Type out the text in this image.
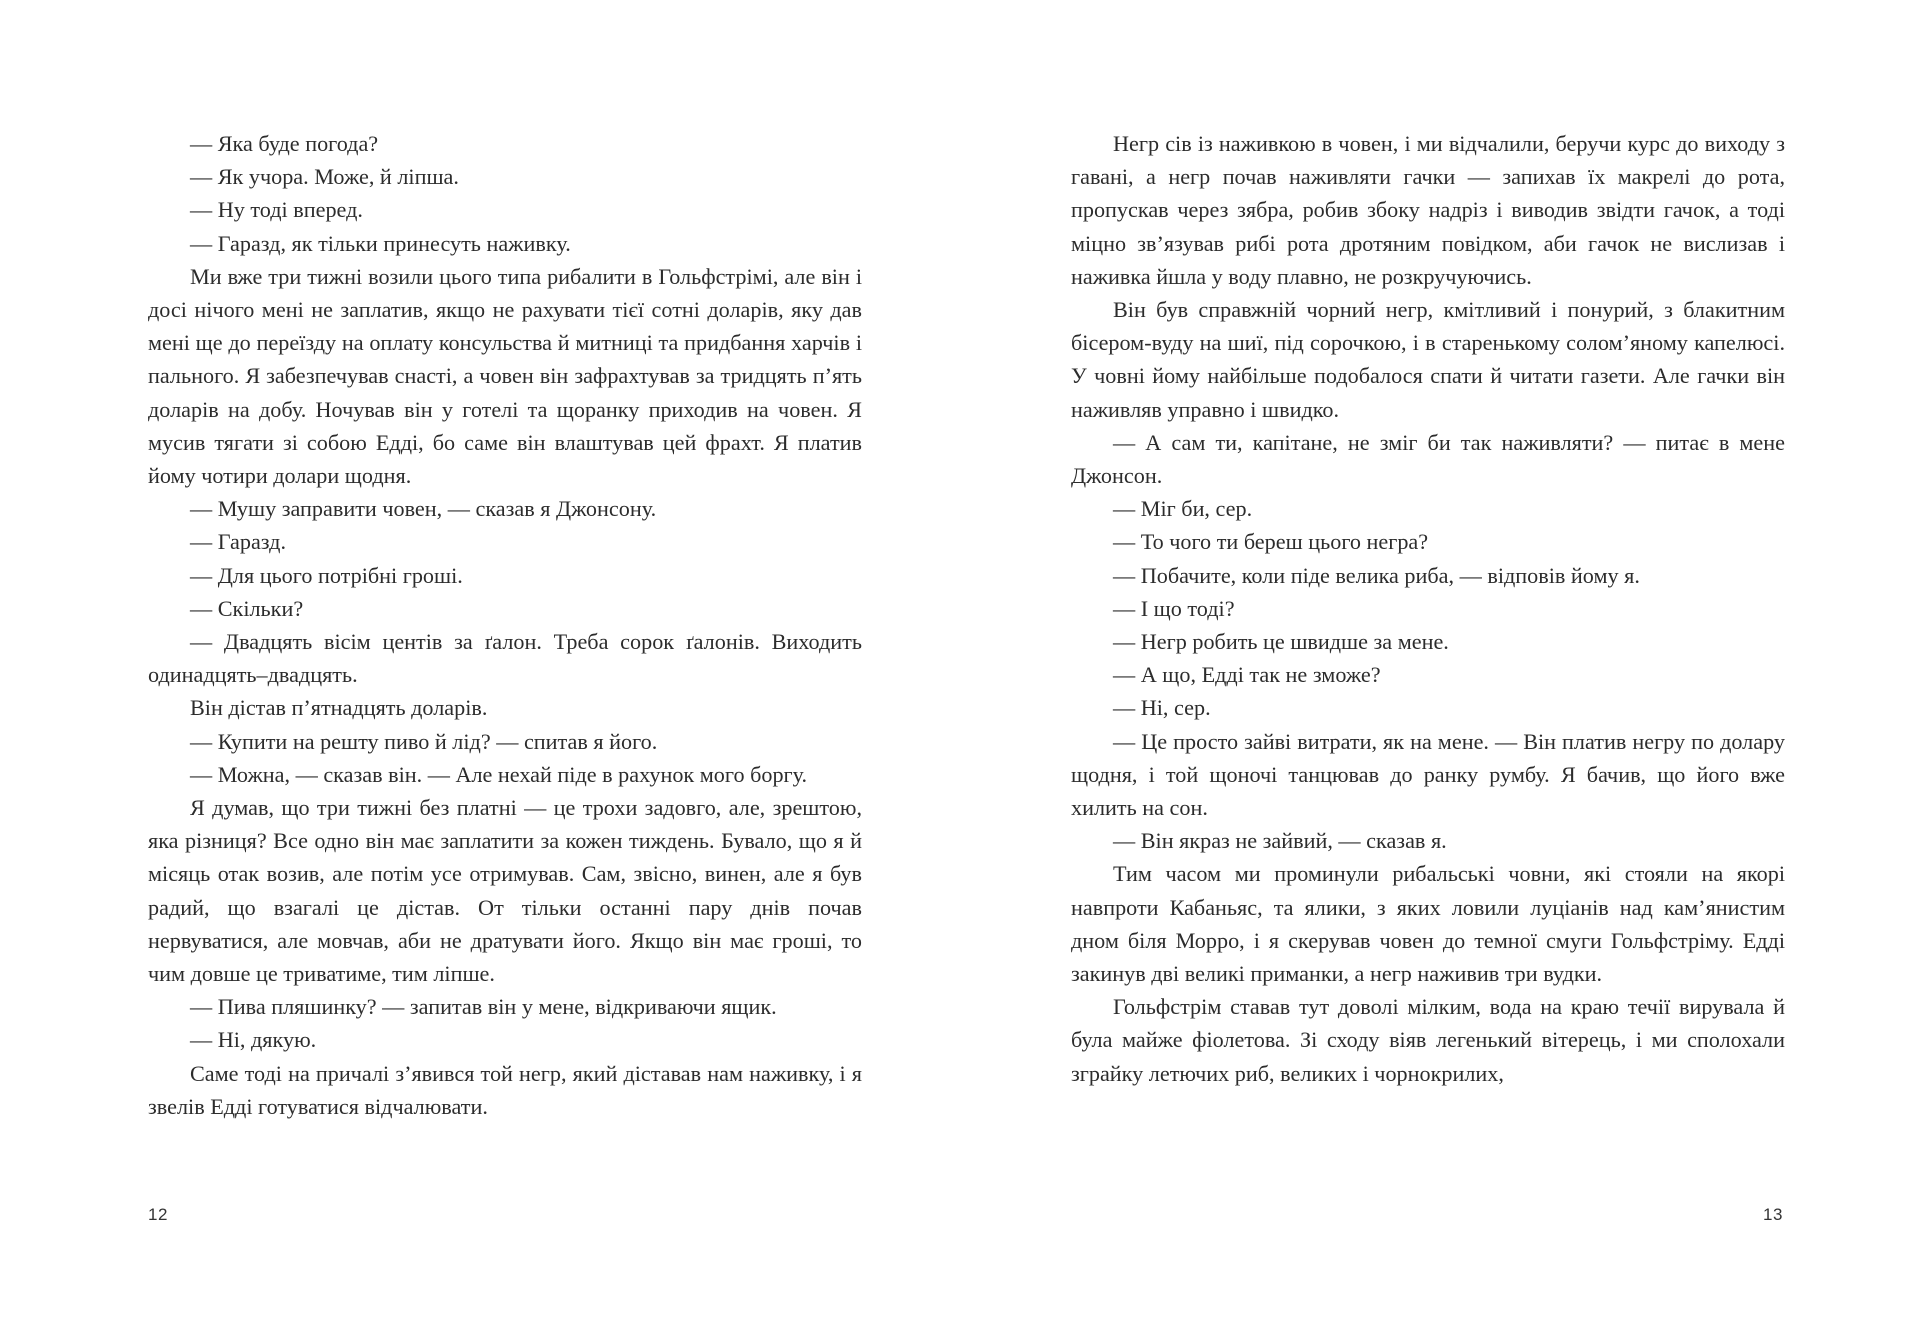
— Яка буде погода?

— Як учора. Може, й ліпша.

— Ну тоді вперед.

— Гаразд, як тільки принесуть наживку.

Ми вже три тижні возили цього типа рибалити в Гольфстрімі, але він і досі нічого мені не заплатив, якщо не рахувати тієї сотні доларів, яку дав мені ще до переїзду на оплату консульства й митниці та придбання харчів і пального. Я забезпечував снасті, а човен він зафрахтував за тридцять п’ять доларів на добу. Ночував він у готелі та щоранку приходив на човен. Я мусив тягати зі собою Едді, бо саме він влаштував цей фрахт. Я платив йому чотири долари щодня.

— Мушу заправити човен, — сказав я Джонсону.

— Гаразд.

— Для цього потрібні гроші.

— Скільки?

— Двадцять вісім центів за ґалон. Треба сорок ґалонів. Виходить одинадцять–двадцять.

Він дістав п’ятнадцять доларів.

— Купити на решту пиво й лід? — спитав я його.

— Можна, — сказав він. — Але нехай піде в рахунок мого боргу.

Я думав, що три тижні без платні — це трохи задовго, але, зрештою, яка різниця? Все одно він має заплатити за кожен тиждень. Бувало, що я й місяць отак возив, але потім усе отримував. Сам, звісно, винен, але я був радий, що взагалі це дістав. От тільки останні пару днів почав нервуватися, але мовчав, аби не дратувати його. Якщо він має гроші, то чим довше це триватиме, тим ліпше.

— Пива пляшинку? — запитав він у мене, відкриваючи ящик.

— Ні, дякую.

Саме тоді на причалі з’явився той негр, який діставав нам наживку, і я звелів Едді готуватися відчалювати.

12

Негр сів із наживкою в човен, і ми відчалили, беручи курс до виходу з гавані, а негр почав наживляти гачки — запихав їх макрелі до рота, пропускав через зябра, робив збоку надріз і виводив звідти гачок, а тоді міцно зв’язував рибі рота дротяним повідком, аби гачок не вислизав і наживка йшла у воду плавно, не розкручуючись.

Він був справжній чорний негр, кмітливий і понурий, з блакитним бісером-вуду на шиї, під сорочкою, і в старенькому солом’яному капелюсі. У човні йому найбільше подобалося спати й читати газети. Але гачки він наживляв управно і швидко.

— А сам ти, капітане, не зміг би так наживляти? — питає в мене Джонсон.

— Міг би, сер.

— То чого ти береш цього негра?

— Побачите, коли піде велика риба, — відповів йому я.

— І що тоді?

— Негр робить це швидше за мене.

— А що, Едді так не зможе?

— Ні, сер.

— Це просто зайві витрати, як на мене. — Він платив негру по долару щодня, і той щоночі танцював до ранку румбу. Я бачив, що його вже хилить на сон.

— Він якраз не зайвий, — сказав я.

Тим часом ми проминули рибальські човни, які стояли на якорі навпроти Кабаньяс, та ялики, з яких ловили луціанів над кам’янистим дном біля Морро, і я скерував човен до темної смуги Гольфстріму. Едді закинув дві великі приманки, а негр наживив три вудки.

Гольфстрім ставав тут доволі мілким, вода на краю течії вирувала й була майже фіолетова. Зі сходу віяв легенький вітерець, і ми сполохали зграйку летючих риб, великих і чорнокрилих,

13
